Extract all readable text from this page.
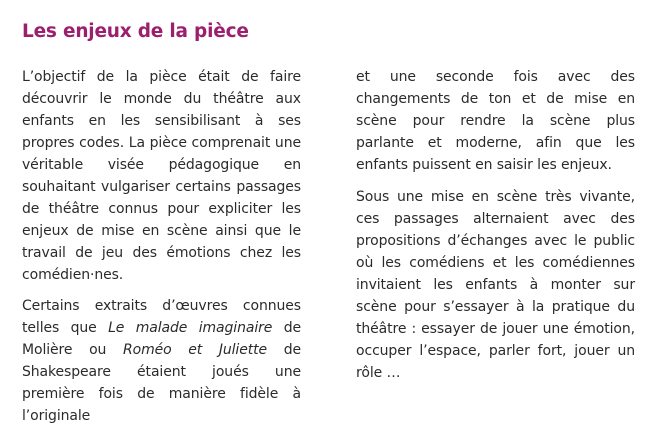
Les enjeux de la pièce

L’objectif de la pièce était de faire découvrir le monde du théâtre aux enfants en les sensibilisant à ses propres codes. La pièce comprenait une véritable visée pédagogique en souhaitant vulgariser certains passages de théâtre connus pour expliciter les enjeux de mise en scène ainsi que le travail de jeu des émotions chez les comédien·nes.

Certains extraits d’œuvres connues telles que Le malade imaginaire de Molière ou Roméo et Juliette de Shakespeare étaient joués une première fois de manière fidèle à l’originale

et une seconde fois avec des changements de ton et de mise en scène pour rendre la scène plus parlante et moderne, afin que les enfants puissent en saisir les enjeux.

Sous une mise en scène très vivante, ces passages alternaient avec des propositions d’échanges avec le public où les comédiens et les comédiennes invitaient les enfants à monter sur scène pour s’essayer à la pratique du théâtre : essayer de jouer une émotion, occuper l’espace, parler fort, jouer un rôle …
